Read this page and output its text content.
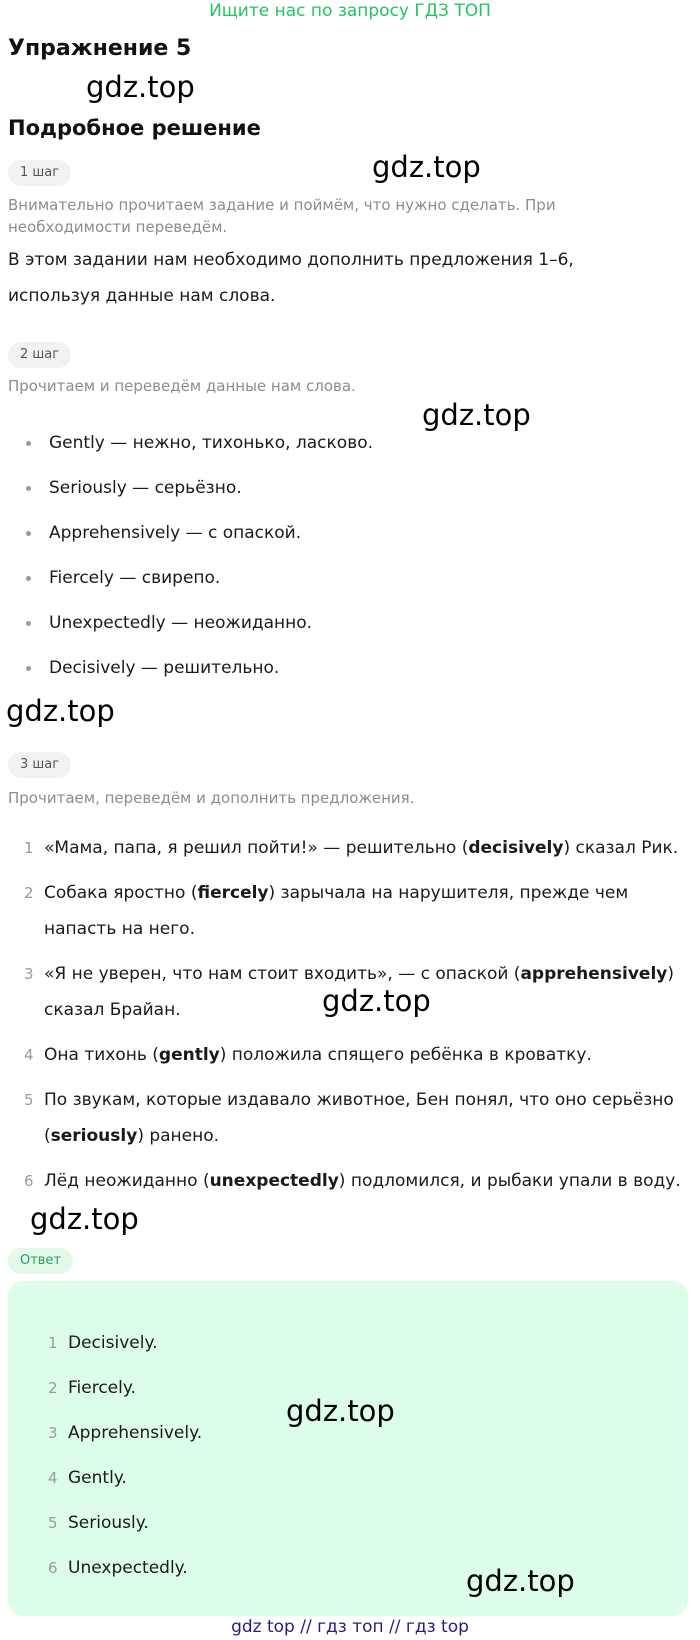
Ищите нас по запросу ГДЗ ТОП
Упражнение 5
gdz.top
Подробное решение
1 шаг	gdz.top
Внимательно прочитаем задание и поймём, что нужно сделать. При необходимости переведём.
В этом задании нам необходимо дополнить предложения 1–6, используя данные нам слова.
2 шаг
Прочитаем и переведём данные нам слова.
gdz.top
Gently — нежно, тихонько, ласково.
Seriously — серьёзно.
Apprehensively — с опаской.
Fiercely — свирепо.
Unexpectedly — неожиданно.
Decisively — решительно.
gdz.top
3 шаг
Прочитаем, переведём и дополнить предложения.
1 «Мама, папа, я решил пойти!» — решительно (decisively) сказал Рик.
2 Собака яростно (fiercely) зарычала на нарушителя, прежде чем напасть на него.
3 «Я не уверен, что нам стоит входить», — с опаской (apprehensively) сказал Брайан.
4 Она тихонь (gently) положила спящего ребёнка в кроватку.
5 По звукам, которые издавало животное, Бен понял, что оно серьёзно (seriously) ранено.
6 Лёд неожиданно (unexpectedly) подломился, и рыбаки упали в воду.
gdz.top
gdz.top
Ответ
1 Decisively.
2 Fiercely.
3 Apprehensively.
4 Gently.
5 Seriously.
6 Unexpectedly.
gdz.top
gdz.top
gdz top // гдз топ // гдз top
